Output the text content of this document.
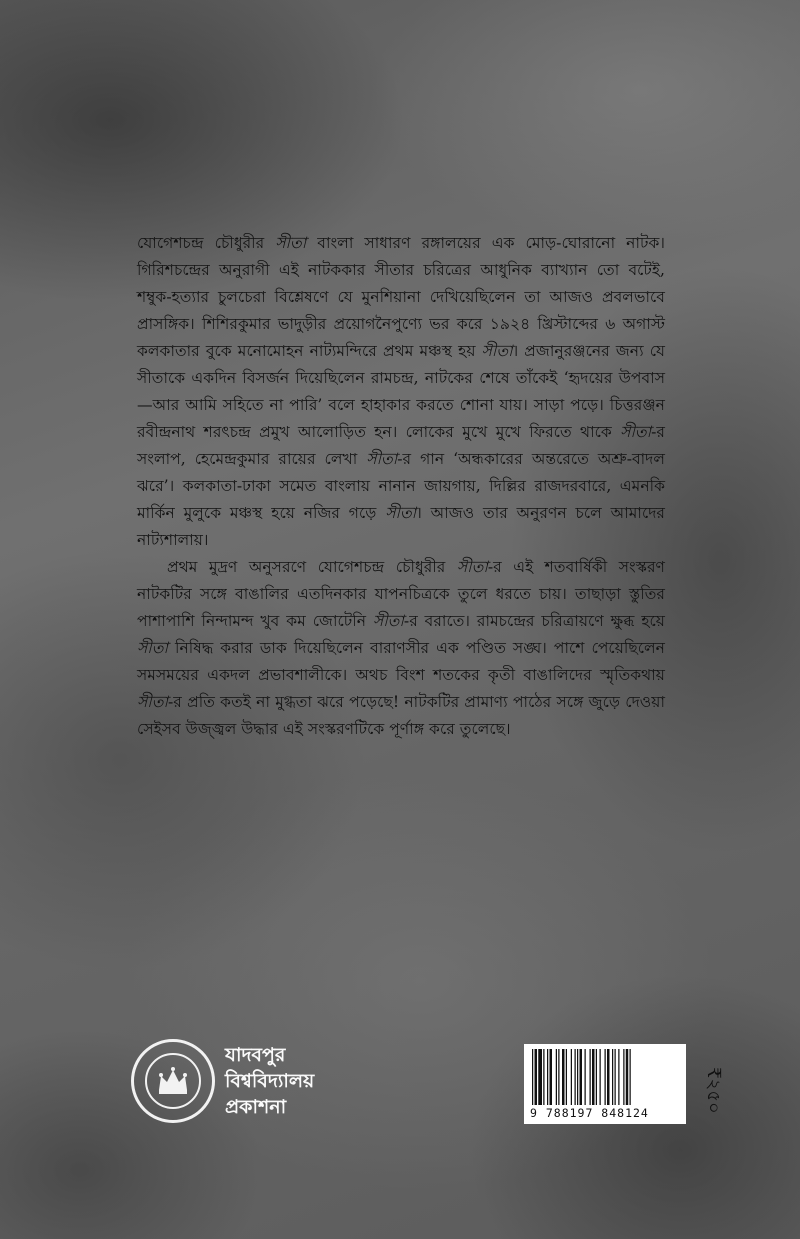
যোগেশচন্দ্র চৌধুরীর সীতা বাংলা সাধারণ রঙ্গালয়ের এক মোড়-ঘোরানো নাটক। গিরিশচন্দ্রের অনুরাগী এই নাটককার সীতার চরিত্রের আধুনিক ব্যাখ্যান তো বটেই, শম্বুক-হত্যার চুলচেরা বিশ্লেষণে যে মুনশিয়ানা দেখিয়েছিলেন তা আজও প্রবলভাবে প্রাসঙ্গিক। শিশিরকুমার ভাদুড়ীর প্রয়োগনৈপুণ্যে ভর করে ১৯২৪ খ্রিস্টাব্দের ৬ অগাস্ট কলকাতার বুকে মনোমোহন নাট্যমন্দিরে প্রথম মঞ্চস্থ হয় সীতা। প্রজানুরঞ্জনের জন্য যে সীতাকে একদিন বিসর্জন দিয়েছিলেন রামচন্দ্র, নাটকের শেষে তাঁকেই ‘হৃদয়ের উপবাস—আর আমি সহিতে না পারি’ বলে হাহাকার করতে শোনা যায়। সাড়া পড়ে। চিত্তরঞ্জন রবীন্দ্রনাথ শরৎচন্দ্র প্রমুখ আলোড়িত হন। লোকের মুখে মুখে ফিরতে থাকে সীতা-র সংলাপ, হেমেন্দ্রকুমার রায়ের লেখা সীতা-র গান ‘অন্ধকারের অন্তরেতে অশ্রু-বাদল ঝরে’। কলকাতা-ঢাকা সমেত বাংলায় নানান জায়গায়, দিল্লির রাজদরবারে, এমনকি মার্কিন মুলুকে মঞ্চস্থ হয়ে নজির গড়ে সীতা। আজও তার অনুরণন চলে আমাদের নাট্যশালায়।

প্রথম মুদ্রণ অনুসরণে যোগেশচন্দ্র চৌধুরীর সীতা-র এই শতবার্ষিকী সংস্করণ নাটকটির সঙ্গে বাঙালির এতদিনকার যাপনচিত্রকে তুলে ধরতে চায়। তাছাড়া স্তুতির পাশাপাশি নিন্দামন্দ খুব কম জোটেনি সীতা-র বরাতে। রামচন্দ্রের চরিত্রায়ণে ক্ষুব্ধ হয়ে সীতা নিষিদ্ধ করার ডাক দিয়েছিলেন বারাণসীর এক পণ্ডিত সঙ্ঘ। পাশে পেয়েছিলেন সমসময়ের একদল প্রভাবশালীকে। অথচ বিংশ শতকের কৃতী বাঙালিদের স্মৃতিকথায় সীতা-র প্রতি কতই না মুগ্ধতা ঝরে পড়েছে! নাটকটির প্রামাণ্য পাঠের সঙ্গে জুড়ে দেওয়া সেইসব উজ্জ্বল উদ্ধার এই সংস্করণটিকে পূর্ণাঙ্গ করে তুলেছে।

যাদবপুর
বিশ্ববিদ্যালয়
প্রকাশনা	9 788197 848124	₹২৫০
